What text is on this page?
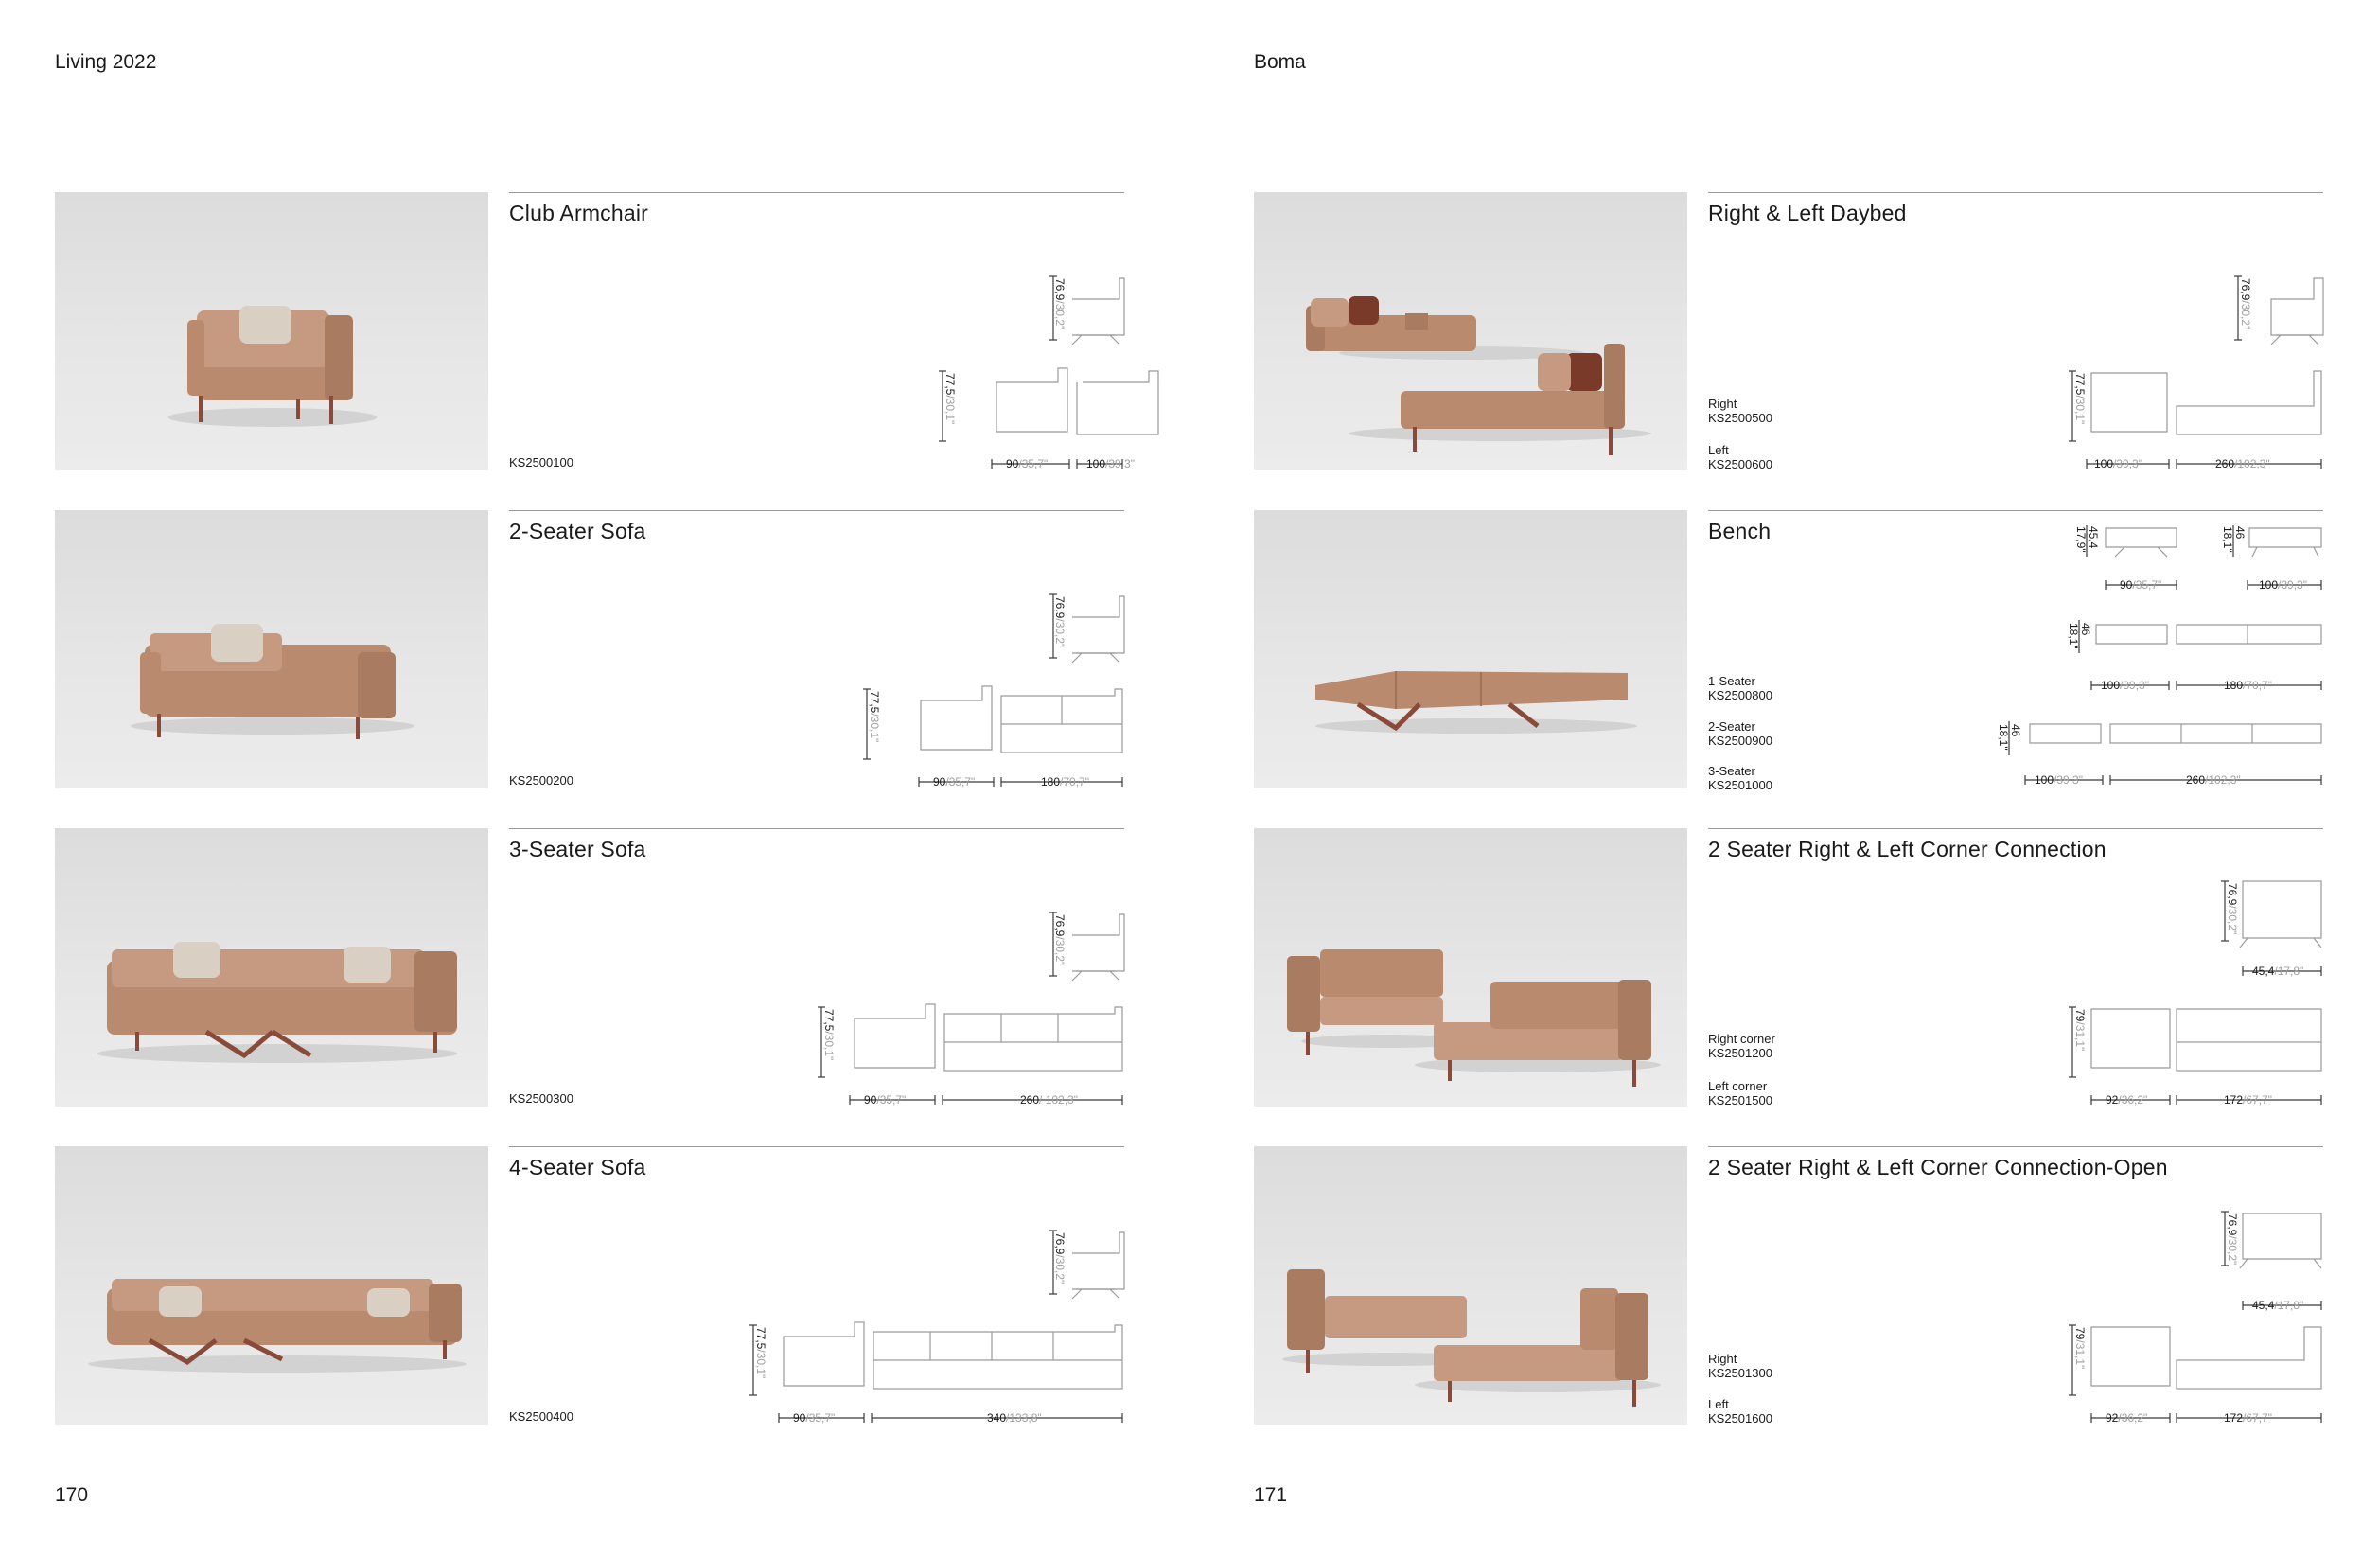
Living 2022	Boma
170	171
Club Armchair
KS2500100
76,9/30,2"
77,5/30,1"
90/35,7"	100/39,3"
2-Seater Sofa
KS2500200
76,9/30,2"
77,5/30,1"
90/35,7"	180/70,7"
3-Seater Sofa
KS2500300
76,9/30,2"
77,5/30,1"
90/35,7"	260/ 102,3"
4-Seater Sofa
KS2500400
76,9/30,2"
77,5/30,1"
90/35,7"	340/133,8"
Right & Left Daybed
Right
KS2500500
Left
KS2500600
76,9/30,2"
77,5/30,1"
100/39,3"	260/102,3"
Bench
1-Seater
KS2500800
2-Seater
KS2500900
3-Seater
KS2501000
45,4
17,9"
90/35,7"
46
18,1"
100/39,3"
46
18,1"
100/39,3"	180/70,7"
46
18,1"
100/39,3"	260/102,3"
2 Seater Right & Left Corner Connection
Right corner
KS2501200
Left corner
KS2501500
76,9/30,2"
45,4/17,8"
79/31,1"
92/36,2"	172/67,7"
2 Seater Right & Left Corner Connection-Open
Right
KS2501300
Left
KS2501600
76,9/30,2"
45,4/17,8"
79/31,1"
92/36,2"	172/67,7"
